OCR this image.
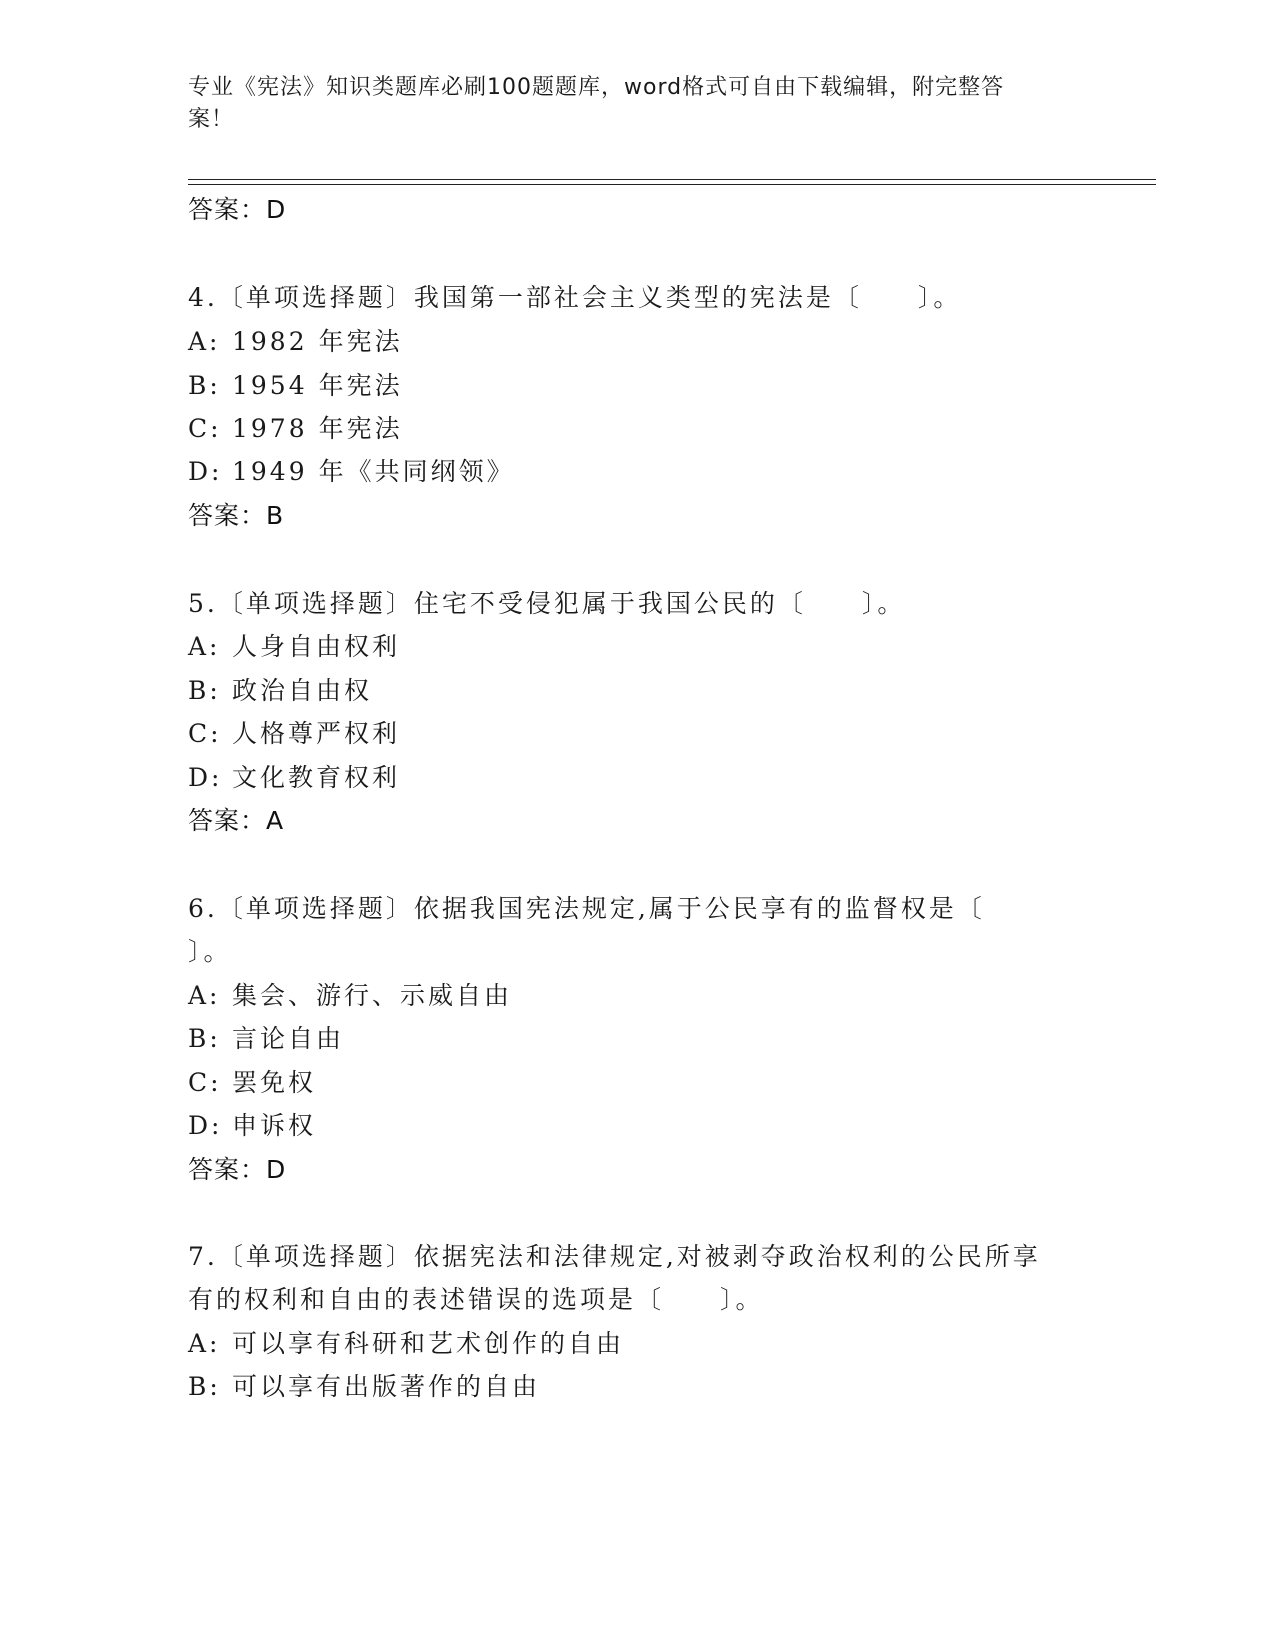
专业《宪法》知识类题库必刷100题题库，word格式可自由下载编辑，附完整答
案！
答案：D
4.〔单项选择题〕我国第一部社会主义类型的宪法是〔　　〕。
A: 1982 年宪法
B: 1954 年宪法
C: 1978 年宪法
D: 1949 年《共同纲领》
答案：B
5.〔单项选择题〕住宅不受侵犯属于我国公民的〔　　〕。
A: 人身自由权利
B: 政治自由权
C: 人格尊严权利
D: 文化教育权利
答案：A
6.〔单项选择题〕依据我国宪法规定,属于公民享有的监督权是〔
〕。
A: 集会、游行、示威自由
B: 言论自由
C: 罢免权
D: 申诉权
答案：D
7.〔单项选择题〕依据宪法和法律规定,对被剥夺政治权利的公民所享
有的权利和自由的表述错误的选项是〔　　〕。
A: 可以享有科研和艺术创作的自由
B: 可以享有出版著作的自由
